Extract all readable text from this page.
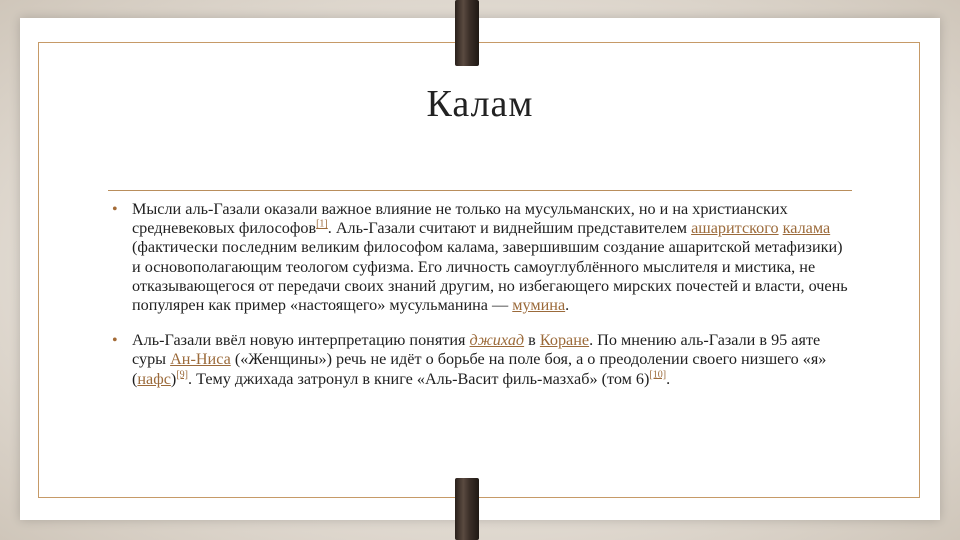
Калам

• Мысли аль-Газали оказали важное влияние не только на мусульманских, но и на христианских средневековых философов[1]. Аль-Газали считают и виднейшим представителем ашаритского калама (фактически последним великим философом калама, завершившим создание ашаритской метафизики) и основополагающим теологом суфизма. Его личность самоуглублённого мыслителя и мистика, не отказывающегося от передачи своих знаний другим, но избегающего мирских почестей и власти, очень популярен как пример «настоящего» мусульманина — мумина.

• Аль-Газали ввёл новую интерпретацию понятия джихад в Коране. По мнению аль-Газали в 95 аяте суры Ан-Ниса («Женщины») речь не идёт о борьбе на поле боя, а о преодолении своего низшего «я» (нафс)[9]. Тему джихада затронул в книге «Аль-Васит филь-мазхаб» (том 6)[10].
